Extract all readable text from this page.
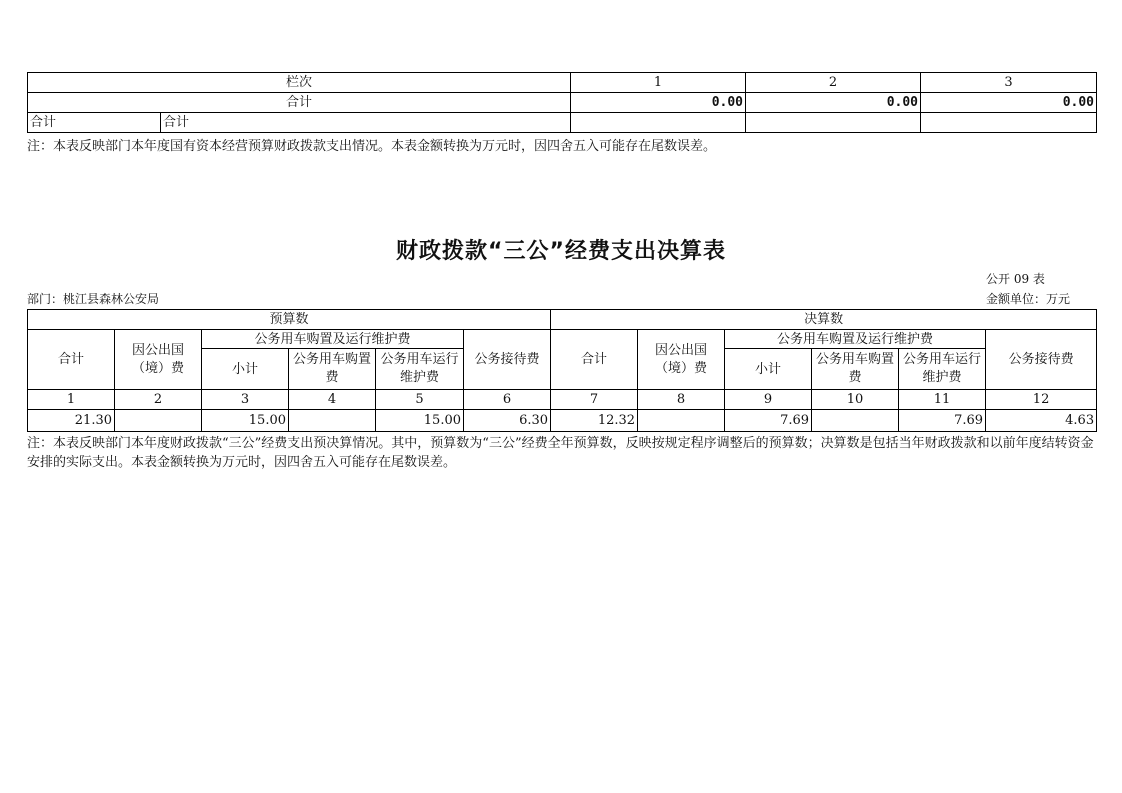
栏次		1	2	3
合计		0.00	0.00	0.00
合计	合计			
注：本表反映部门本年度国有资本经营预算财政拨款支出情况。本表金额转换为万元时，因四舍五入可能存在尾数误差。
财政拨款“三公”经费支出决算表
公开 09 表
部门：桃江县森林公安局	金额单位：万元
预算数						决算数					
合计	因公出国（境）费	公务用车购置及运行维护费			公务接待费	合计	因公出国（境）费	公务用车购置及运行维护费			公务接待费
		小计	公务用车购置费	公务用车运行维护费				小计	公务用车购置费	公务用车运行维护费	
1	2	3	4	5	6	7	8	9	10	11	12
21.30		15.00		15.00	6.30	12.32		7.69		7.69	4.63
注：本表反映部门本年度财政拨款“三公”经费支出预决算情况。其中，预算数为“三公”经费全年预算数，反映按规定程序调整后的预算数；决算数是包括当年财政拨款和以前年度结转资金安排的实际支出。本表金额转换为万元时，因四舍五入可能存在尾数误差。
